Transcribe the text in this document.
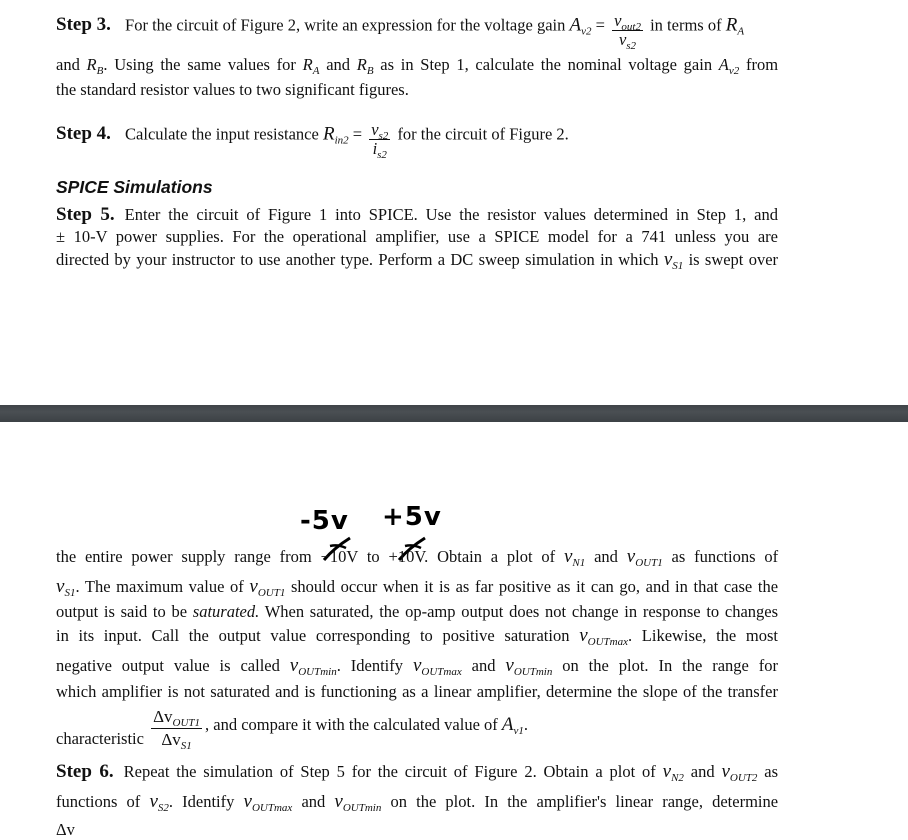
Step 3. For the circuit of Figure 2, write an expression for the voltage gain $A_{v2} = \frac{v_{out2}}{v_{s2}}$ in terms of $R_A$
and $R_B$. Using the same values for $R_A$ and $R_B$ as in Step 1, calculate the nominal voltage gain $A_{v2}$ from
the standard resistor values to two significant figures.
Step 4. Calculate the input resistance $R_{in2} = \frac{v_{s2}}{i_{s2}}$ for the circuit of Figure 2.
SPICE Simulations
Step 5. Enter the circuit of Figure 1 into SPICE. Use the resistor values determined in Step 1, and
± 10-V power supplies. For the operational amplifier, use a SPICE model for a 741 unless you are
directed by your instructor to use another type. Perform a DC sweep simulation in which $v_{S1}$ is swept over
-5v +5v
the entire power supply range from −10V to +10V. Obtain a plot of $v_{N1}$ and $v_{OUT1}$ as functions of
$v_{S1}$. The maximum value of $v_{OUT1}$ should occur when it is as far positive as it can go, and in that case the
output is said to be saturated. When saturated, the op-amp output does not change in response to changes
in its input. Call the output value corresponding to positive saturation $v_{OUTmax}$. Likewise, the most
negative output value is called $v_{OUTmin}$. Identify $v_{OUTmax}$ and $v_{OUTmin}$ on the plot. In the range for
which amplifier is not saturated and is functioning as a linear amplifier, determine the slope of the transfer
characteristic $\frac{\Delta v_{OUT1}}{\Delta v_{S1}}$ , and compare it with the calculated value of $A_{v1}$.
Step 6. Repeat the simulation of Step 5 for the circuit of Figure 2. Obtain a plot of $v_{N2}$ and $v_{OUT2}$ as
functions of $v_{S2}$. Identify $v_{OUTmax}$ and $v_{OUTmin}$ on the plot. In the amplifier's linear range, determine
Δv
